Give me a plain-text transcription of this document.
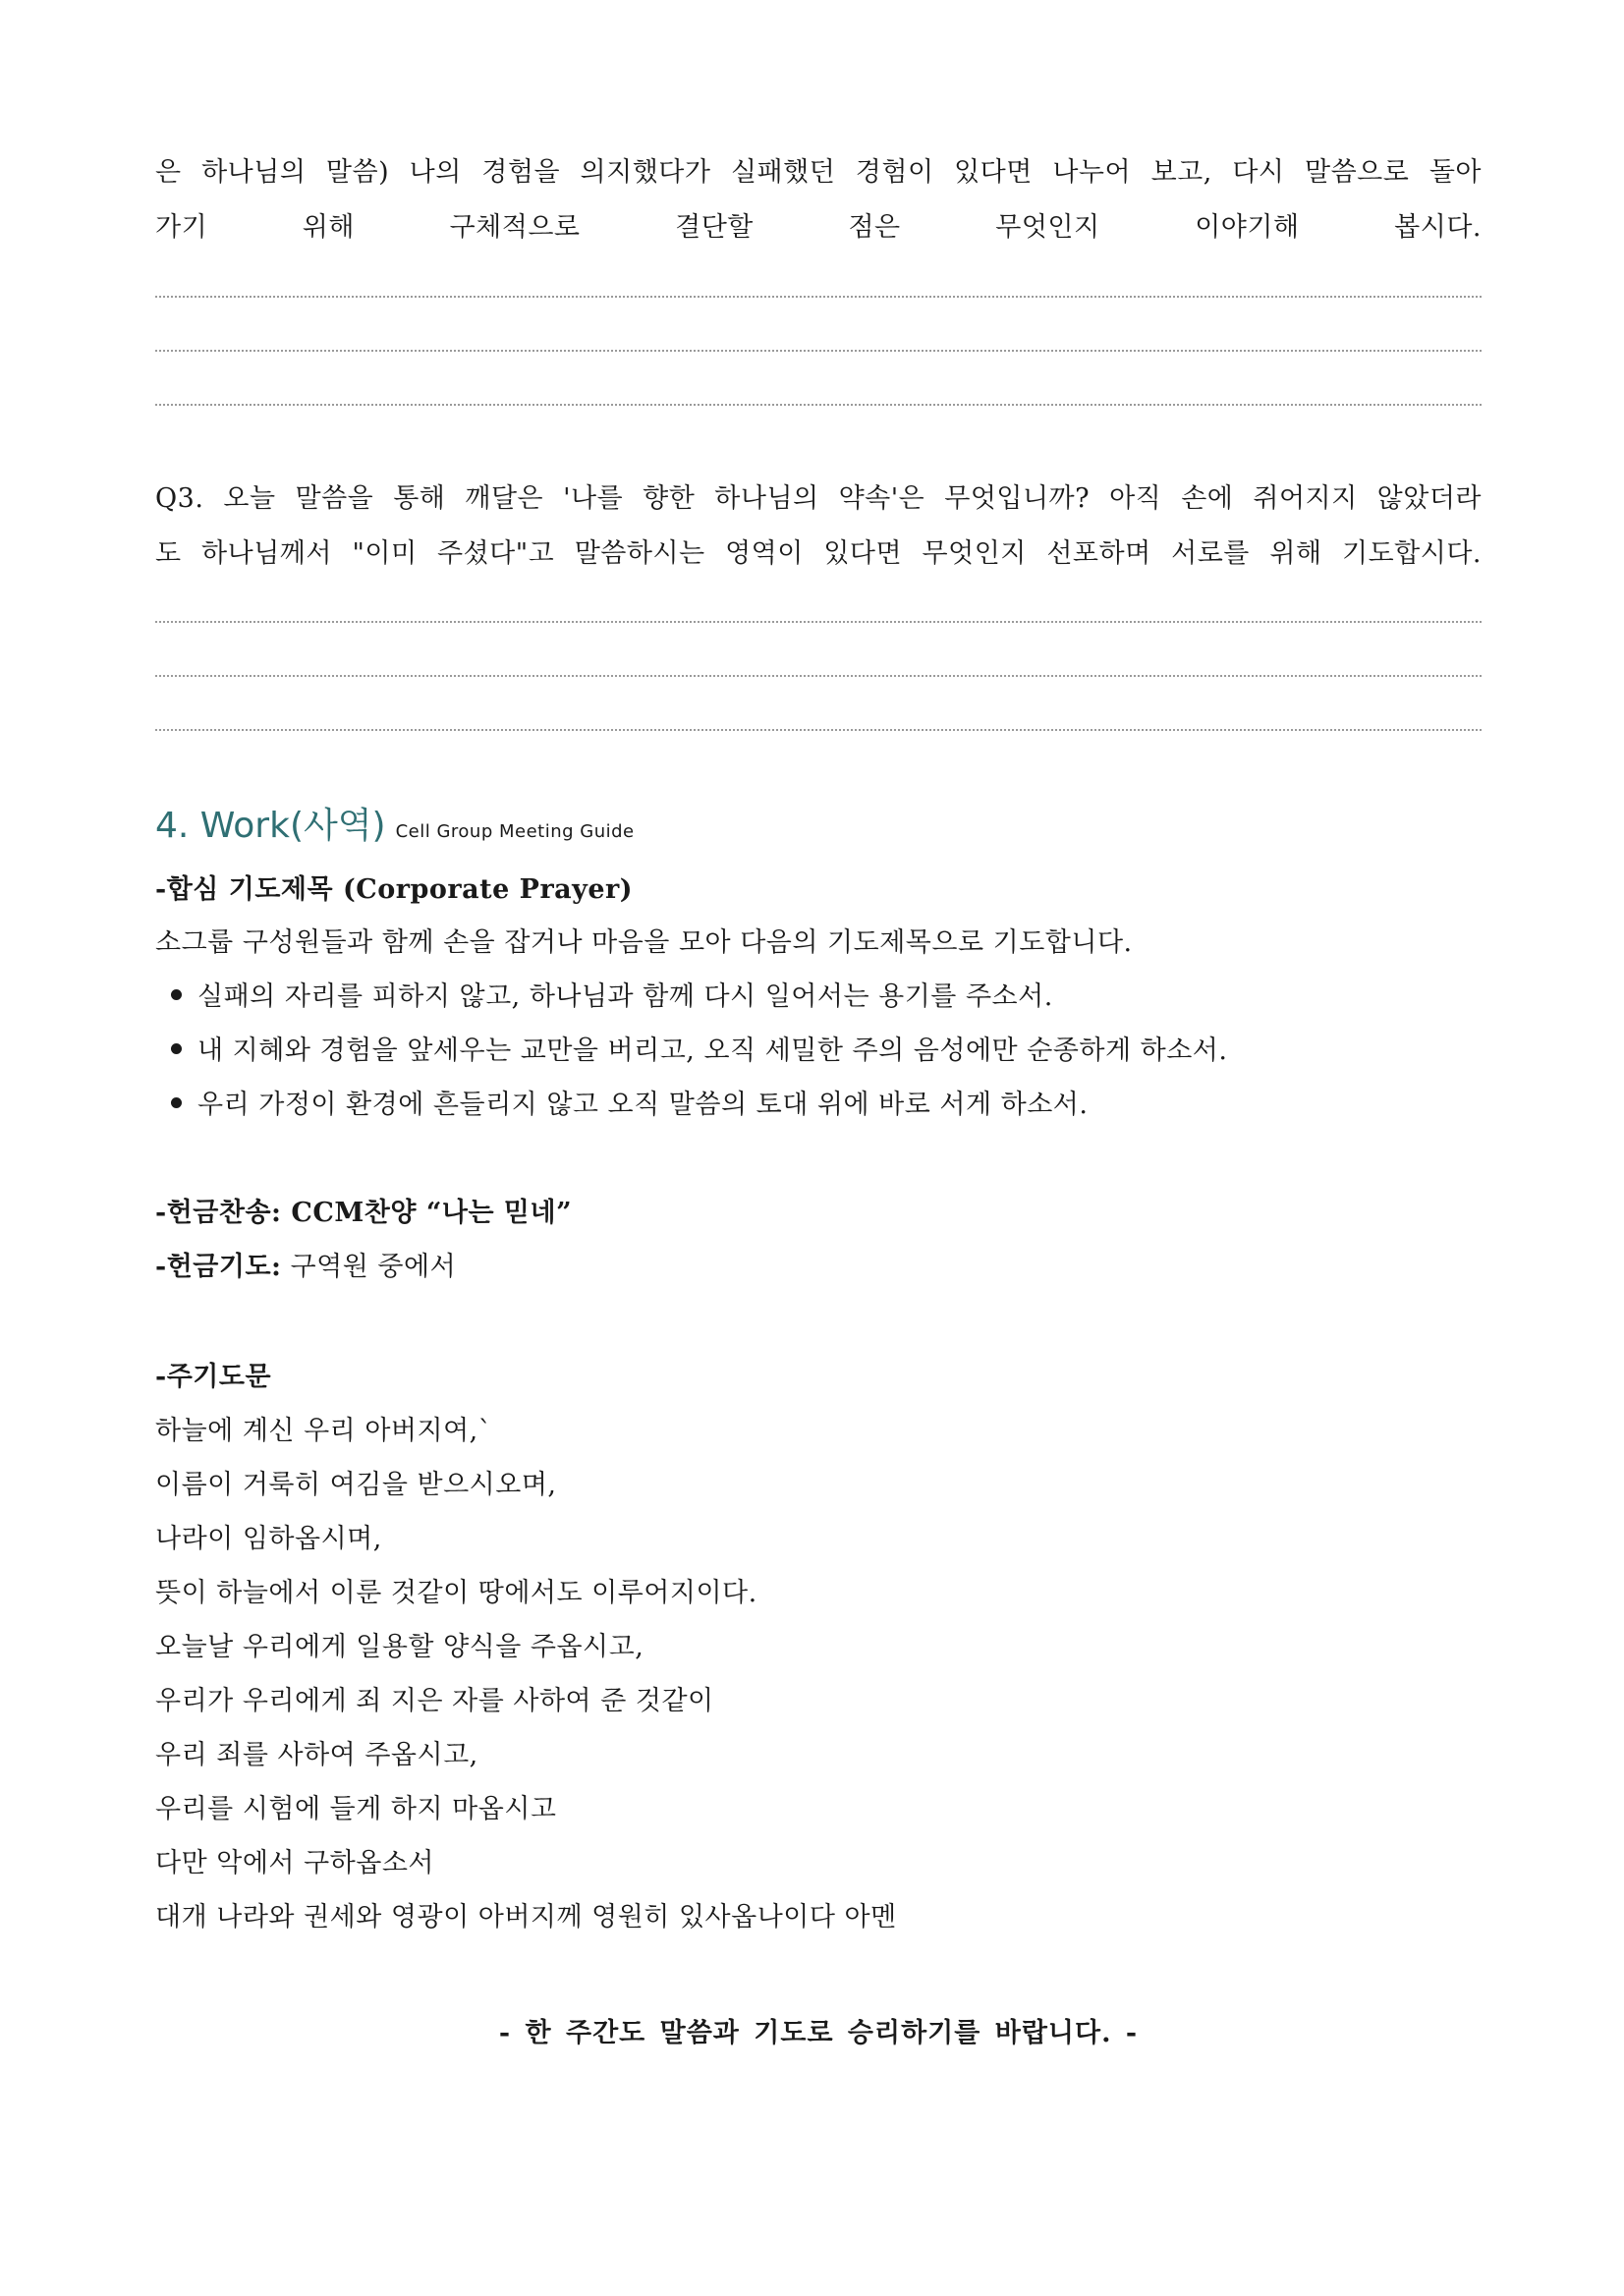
은 하나님의 말씀) 나의 경험을 의지했다가 실패했던 경험이 있다면 나누어 보고, 다시 말씀으로 돌아
가기 위해 구체적으로 결단할 점은 무엇인지 이야기해 봅시다.
Q3. 오늘 말씀을 통해 깨달은 '나를 향한 하나님의 약속'은 무엇입니까? 아직 손에 쥐어지지 않았더라
도 하나님께서 "이미 주셨다"고 말씀하시는 영역이 있다면 무엇인지 선포하며 서로를 위해 기도합시다.
4. Work(사역) Cell Group Meeting Guide
-합심 기도제목 (Corporate Prayer)
소그룹 구성원들과 함께 손을 잡거나 마음을 모아 다음의 기도제목으로 기도합니다.
실패의 자리를 피하지 않고, 하나님과 함께 다시 일어서는 용기를 주소서.
내 지혜와 경험을 앞세우는 교만을 버리고, 오직 세밀한 주의 음성에만 순종하게 하소서.
우리 가정이 환경에 흔들리지 않고 오직 말씀의 토대 위에 바로 서게 하소서.
-헌금찬송: CCM찬양 “나는 믿네”
-헌금기도: 구역원 중에서
-주기도문
하늘에 계신 우리 아버지여,`
이름이 거룩히 여김을 받으시오며,
나라이 임하옵시며,
뜻이 하늘에서 이룬 것같이 땅에서도 이루어지이다.
오늘날 우리에게 일용할 양식을 주옵시고,
우리가 우리에게 죄 지은 자를 사하여 준 것같이
우리 죄를 사하여 주옵시고,
우리를 시험에 들게 하지 마옵시고
다만 악에서 구하옵소서
대개 나라와 권세와 영광이 아버지께 영원히 있사옵나이다 아멘
- 한 주간도 말씀과 기도로 승리하기를 바랍니다. -
